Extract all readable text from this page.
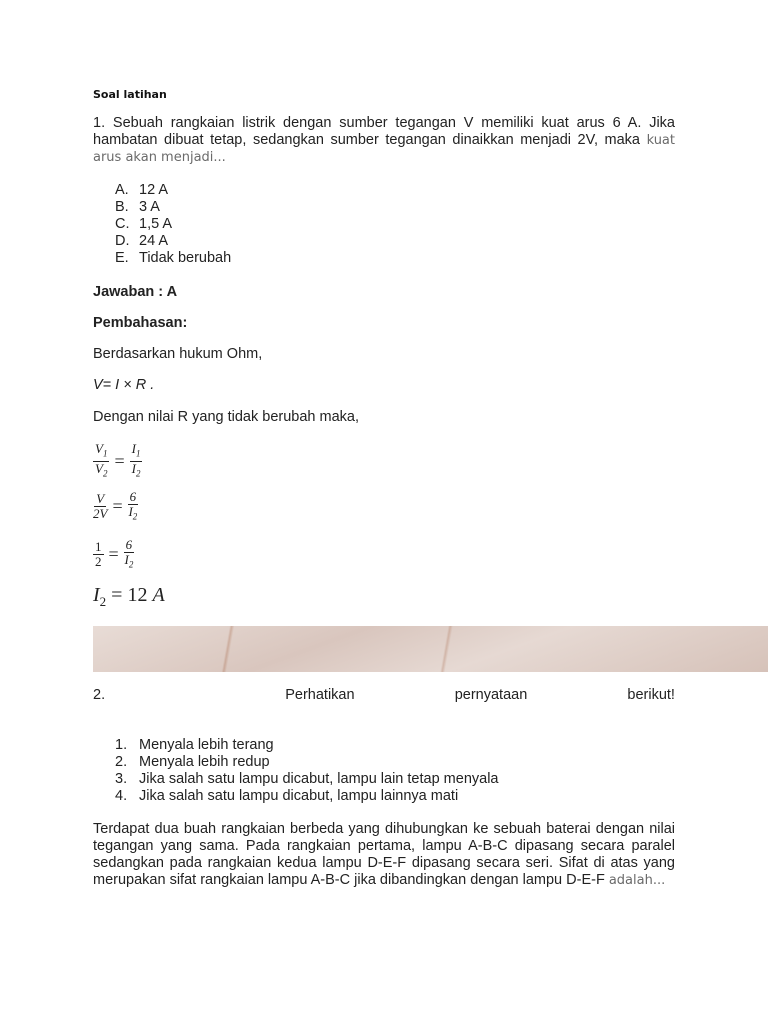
Soal latihan
1. Sebuah rangkaian listrik dengan sumber tegangan V memiliki kuat arus 6 A. Jika hambatan dibuat tetap, sedangkan sumber tegangan dinaikkan menjadi 2V, maka kuat arus akan menjadi...
A. 12 A
B. 3 A
C. 1,5 A
D. 24 A
E. Tidak berubah
Jawaban : A
Pembahasan:
Berdasarkan hukum Ohm,
V= I × R .
Dengan nilai R yang tidak berubah maka,
$\frac{V_1}{V_2} = \frac{I_1}{I_2}$
$\frac{V}{2V} = \frac{6}{I_2}$
$\frac{1}{2} = \frac{6}{I_2}$
$I_2 = 12$ A
2.	Perhatikan	pernyataan	berikut!
1. Menyala lebih terang
2. Menyala lebih redup
3. Jika salah satu lampu dicabut, lampu lain tetap menyala
4. Jika salah satu lampu dicabut, lampu lainnya mati
Terdapat dua buah rangkaian berbeda yang dihubungkan ke sebuah baterai dengan nilai tegangan yang sama. Pada rangkaian pertama, lampu A-B-C dipasang secara paralel sedangkan pada rangkaian kedua lampu D-E-F dipasang secara seri. Sifat di atas yang merupakan sifat rangkaian lampu A-B-C jika dibandingkan dengan lampu D-E-F adalah...
